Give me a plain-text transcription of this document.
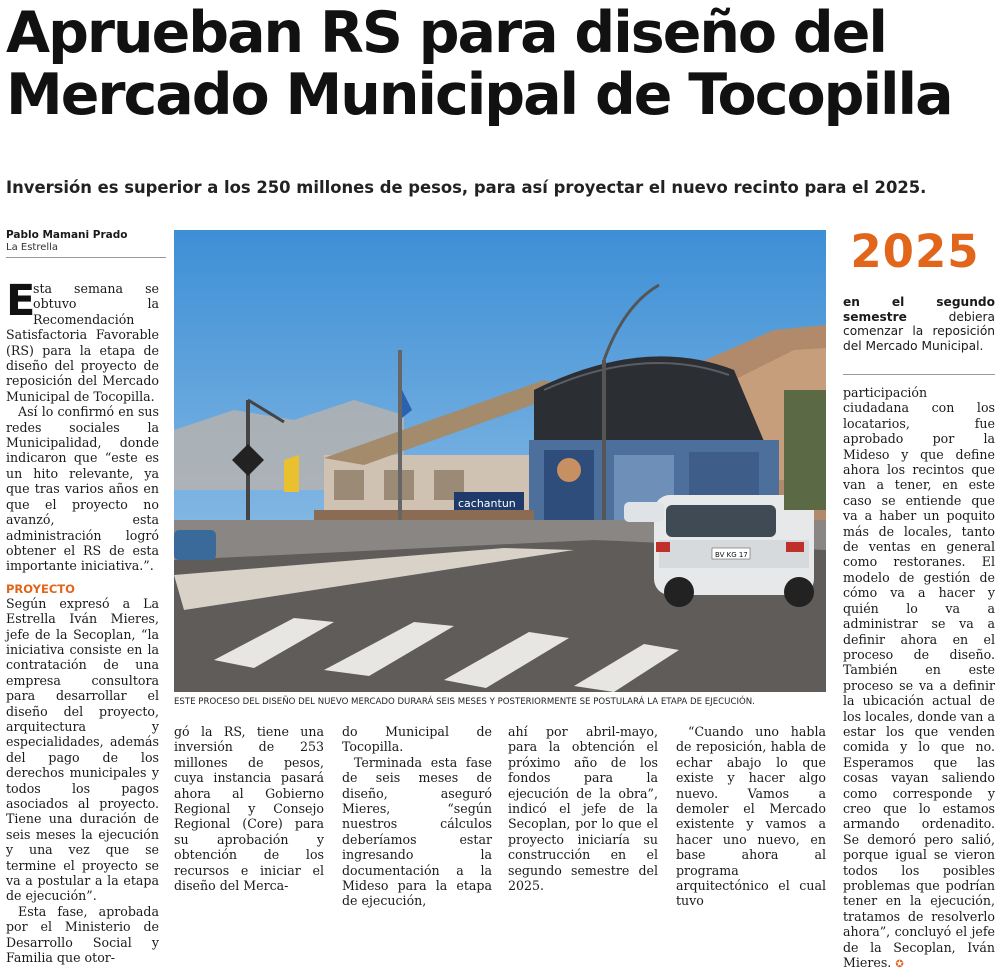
Aprueban RS para diseño del Mercado Municipal de Tocopilla
Inversión es superior a los 250 millones de pesos, para así proyectar el nuevo recinto para el 2025.
Pablo Mamani Prado
La Estrella
E

sta semana se obtuvo la Recomendación Satisfactoria Favorable (RS) para la etapa de diseño del proyecto de reposición del Mercado Municipal de Tocopilla.

Así lo confirmó en sus redes sociales la Municipalidad, donde indicaron que “este es un hito relevante, ya que tras varios años en que el proyecto no avanzó, esta administración logró obtener el RS de esta importante iniciativa.”.

PROYECTO

Según expresó a La Estrella Iván Mieres, jefe de la Secoplan, “la iniciativa consiste en la contratación de una empresa consultora para desarrollar el diseño del proyecto, arquitectura y especialidades, además del pago de los derechos municipales y todos los pagos asociados al proyecto. Tiene una duración de seis meses la ejecución y una vez que se termine el proyecto se va a postular a la etapa de ejecución”.

Esta fase, aprobada por el Ministerio de Desarrollo Social y Familia que otor-

cachantun
BV KG 17
ESTE PROCESO DEL DISEÑO DEL NUEVO MERCADO DURARÁ SEIS MESES Y POSTERIORMENTE SE POSTULARÁ LA ETAPA DE EJECUCIÓN.
2025
en el segundo semestre	debiera comenzar la reposición del Mercado Municipal.

participación ciudadana con los locatarios, fue aprobado por la Mideso y que define ahora los recintos que van a tener, en este caso se entiende que va a haber un poquito más de locales, tanto de ventas en general como restoranes. El modelo de gestión de cómo va a hacer y quién lo va a administrar se va a definir ahora en el proceso de diseño. También en este proceso se va a definir la ubicación actual de los locales, donde van a estar los que venden comida y lo que no. Esperamos que las cosas vayan saliendo como corresponde y creo que lo estamos armando ordenadito. Se demoró pero salió, porque igual se vieron todos los posibles problemas que podrían tener en la ejecución, tratamos de resolverlo ahora”, concluyó el jefe de la Secoplan, Iván Mieres. ✪

gó la RS, tiene una inversión de 253 millones de pesos, cuya instancia pasará ahora al Gobierno Regional y Consejo Regional (Core) para su aprobación y obtención de los recursos e iniciar el diseño del Merca-

do Municipal de Tocopilla.

Terminada esta fase de seis meses de diseño, aseguró Mieres, “según nuestros cálculos deberíamos estar ingresando la documentación a la Mideso para la etapa de ejecución,

ahí por abril-mayo, para la obtención el próximo año de los fondos para la ejecución de la obra”, indicó el jefe de la Secoplan, por lo que el proyecto iniciaría su construcción en el segundo semestre del 2025.

“Cuando uno habla de reposición, habla de echar abajo lo que existe y hacer algo nuevo. Vamos a demoler el Mercado existente y vamos a hacer uno nuevo, en base ahora al programa arquitectónico el cual tuvo
